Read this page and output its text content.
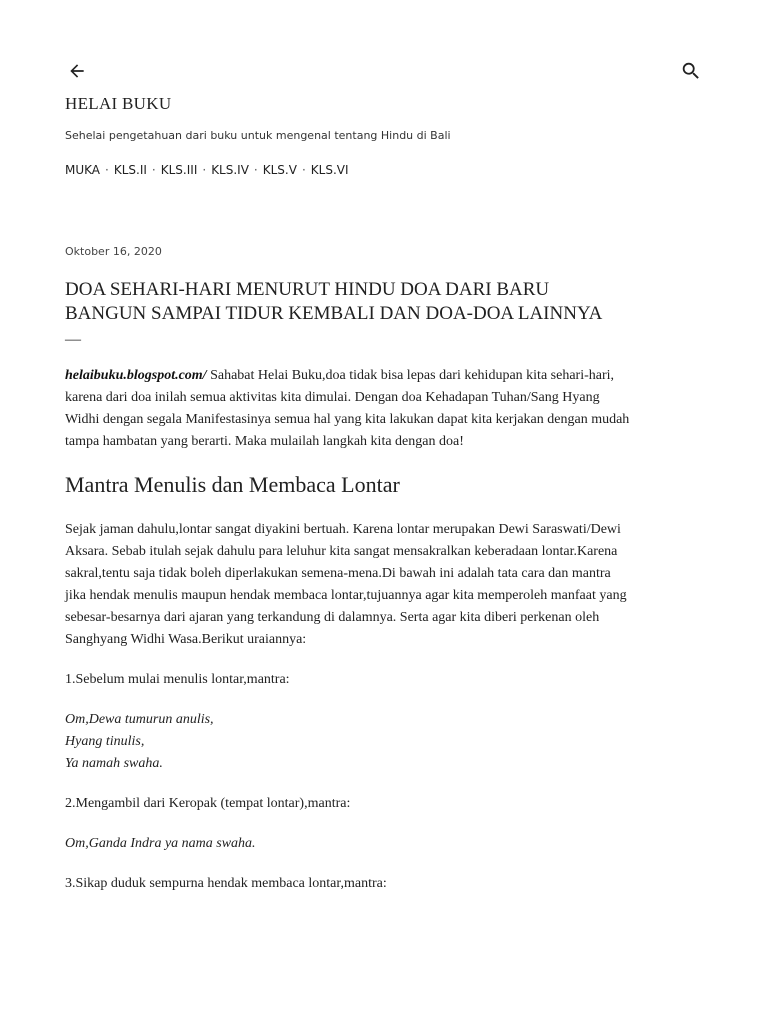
HELAI BUKU
Sehelai pengetahuan dari buku untuk mengenal tentang Hindu di Bali
MUKA · KLS.II · KLS.III · KLS.IV · KLS.V · KLS.VI
Oktober 16, 2020
DOA SEHARI-HARI MENURUT HINDU DOA DARI BARU BANGUN SAMPAI TIDUR KEMBALI DAN DOA-DOA LAINNYA
—

helaibuku.blogspot.com/ Sahabat Helai Buku,doa tidak bisa lepas dari kehidupan kita sehari-hari, karena dari doa inilah semua aktivitas kita dimulai. Dengan doa Kehadapan Tuhan/Sang Hyang Widhi dengan segala Manifestasinya semua hal yang kita lakukan dapat kita kerjakan dengan mudah tampa hambatan yang berarti. Maka mulailah langkah kita dengan doa!

Mantra Menulis dan Membaca Lontar

Sejak jaman dahulu,lontar sangat diyakini bertuah. Karena lontar merupakan Dewi Saraswati/Dewi Aksara. Sebab itulah sejak dahulu para leluhur kita sangat mensakralkan keberadaan lontar.Karena sakral,tentu saja tidak boleh diperlakukan semena-mena.Di bawah ini adalah tata cara dan mantra jika hendak menulis maupun hendak membaca lontar,tujuannya agar kita memperoleh manfaat yang sebesar-besarnya dari ajaran yang terkandung di dalamnya. Serta agar kita diberi perkenan oleh Sanghyang Widhi Wasa.Berikut uraiannya:

1.Sebelum mulai menulis lontar,mantra:

Om,Dewa tumurun anulis,
Hyang tinulis,
Ya namah swaha.

2.Mengambil dari Keropak (tempat lontar),mantra:

Om,Ganda Indra ya nama swaha.

3.Sikap duduk sempurna hendak membaca lontar,mantra:
